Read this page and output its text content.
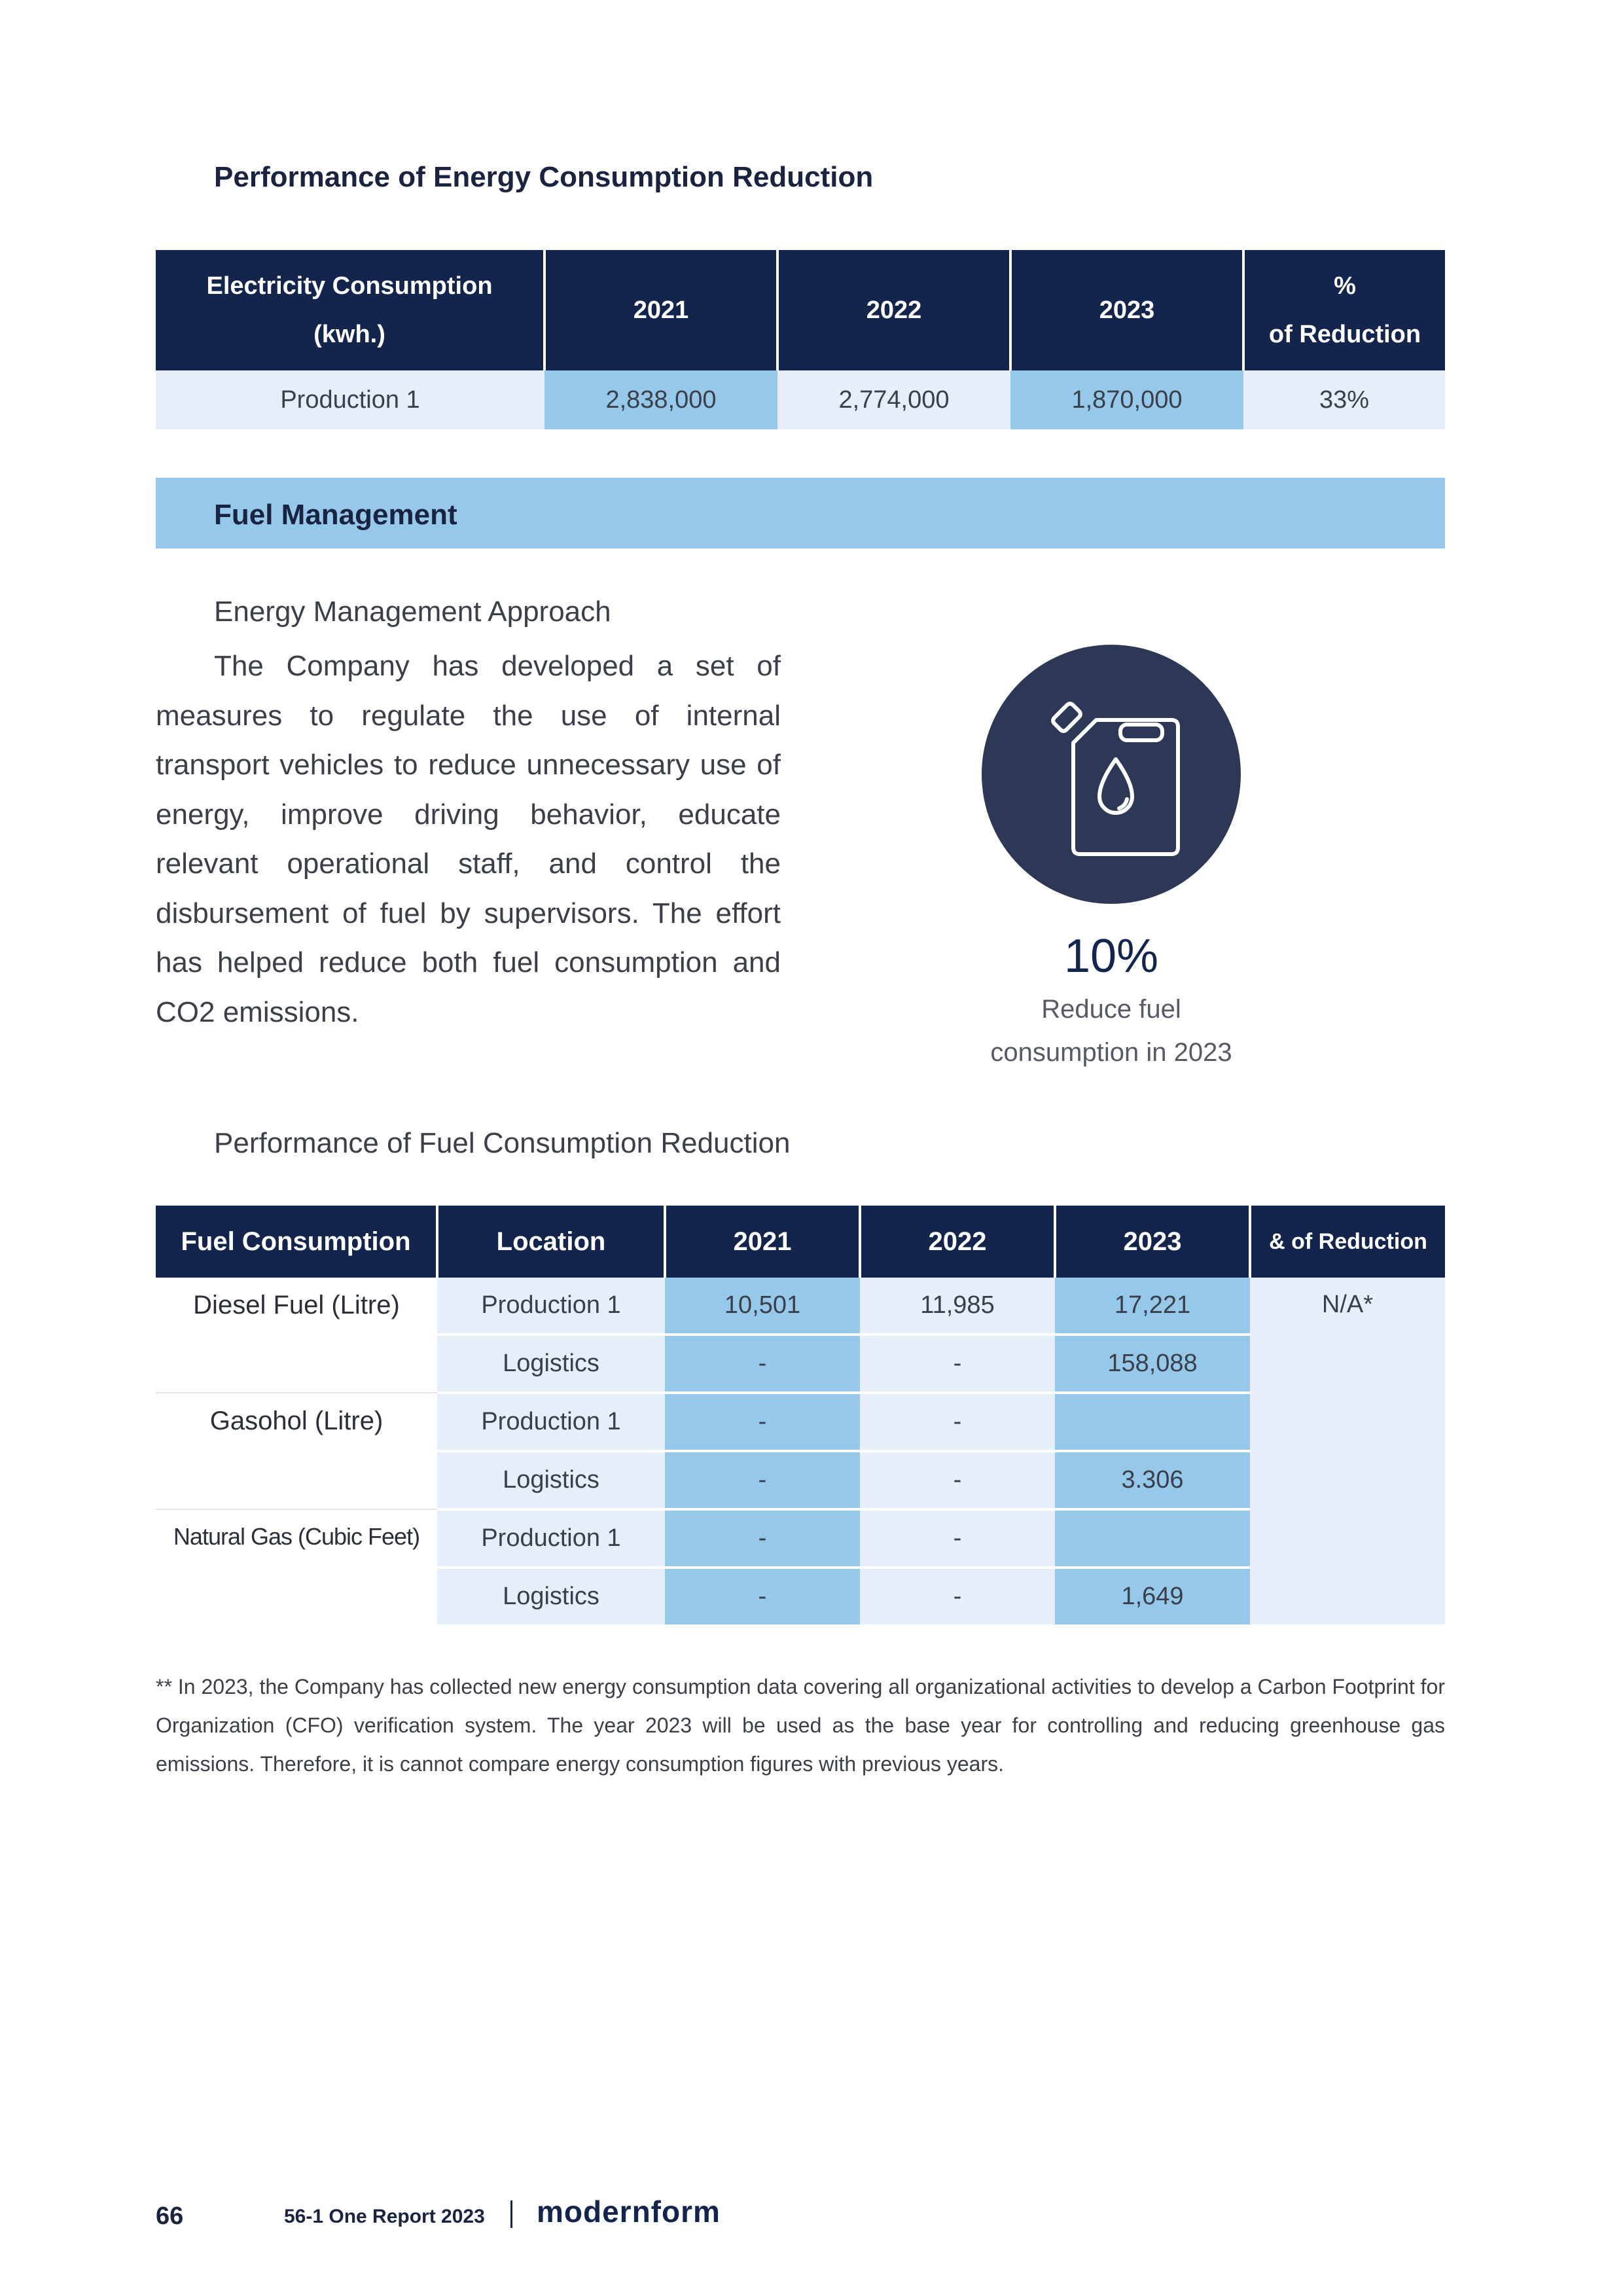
Performance of Energy Consumption Reduction
Electricity Consumption
(kwh.)	2021	2022	2023	%
of Reduction
Production 1	2,838,000	2,774,000	1,870,000	33%
Fuel Management
Energy Management Approach
The Company has developed a set of measures to regulate the use of internal transport vehicles to reduce unnecessary use of energy, improve driving behavior, educate relevant operational staff, and control the disbursement of fuel by supervisors. The effort has helped reduce both fuel consumption and CO2 emissions.
10%
Reduce fuel
consumption in 2023
Performance of Fuel Consumption Reduction
Fuel Consumption	Location	2021	2022	2023	& of Reduction
Diesel Fuel (Litre)	Production 1	10,501	11,985	17,221	N/A*
	Logistics	-	-	158,088	
Gasohol (Litre)	Production 1	-	-		
	Logistics	-	-	3.306	
Natural Gas (Cubic Feet)	Production 1	-	-		
	Logistics	-	-	1,649	
** In 2023, the Company has collected new energy consumption data covering all organizational activities to develop a Carbon Footprint for Organization (CFO) verification system. The year 2023 will be used as the base year for controlling and reducing greenhouse gas emissions. Therefore, it is cannot compare energy consumption figures with previous years.
66	56-1 One Report 2023 modernform
